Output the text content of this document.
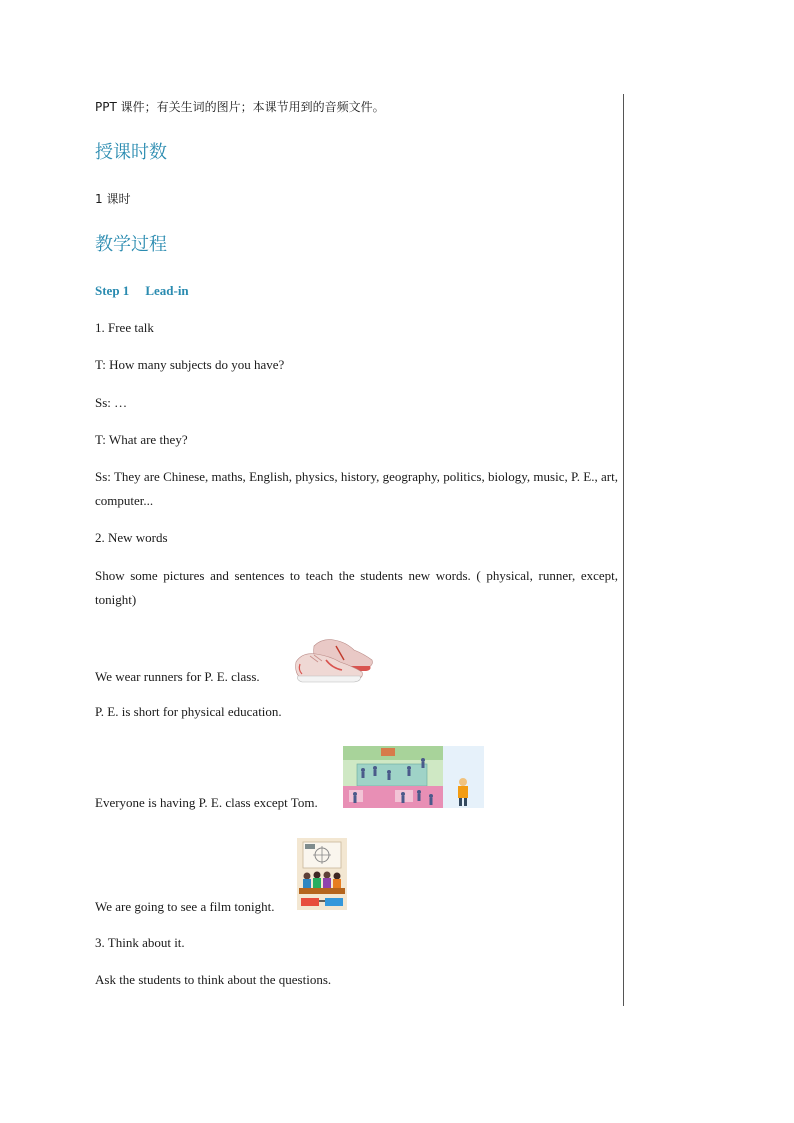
PPT 课件；有关生词的图片；本课节用到的音频文件。
授课时数
1 课时
教学过程
Step 1 Lead-in
1. Free talk
T: How many subjects do you have?
Ss: …
T: What are they?
Ss: They are Chinese, maths, English, physics, history, geography, politics, biology, music, P. E., art, computer...
2. New words
Show some pictures and sentences to teach the students new words. ( physical, runner, except, tonight)
We wear runners for P. E. class.
P. E. is short for physical education.
Everyone is having P. E. class except Tom.
We are going to see a film tonight.
3. Think about it.
Ask the students to think about the questions.
